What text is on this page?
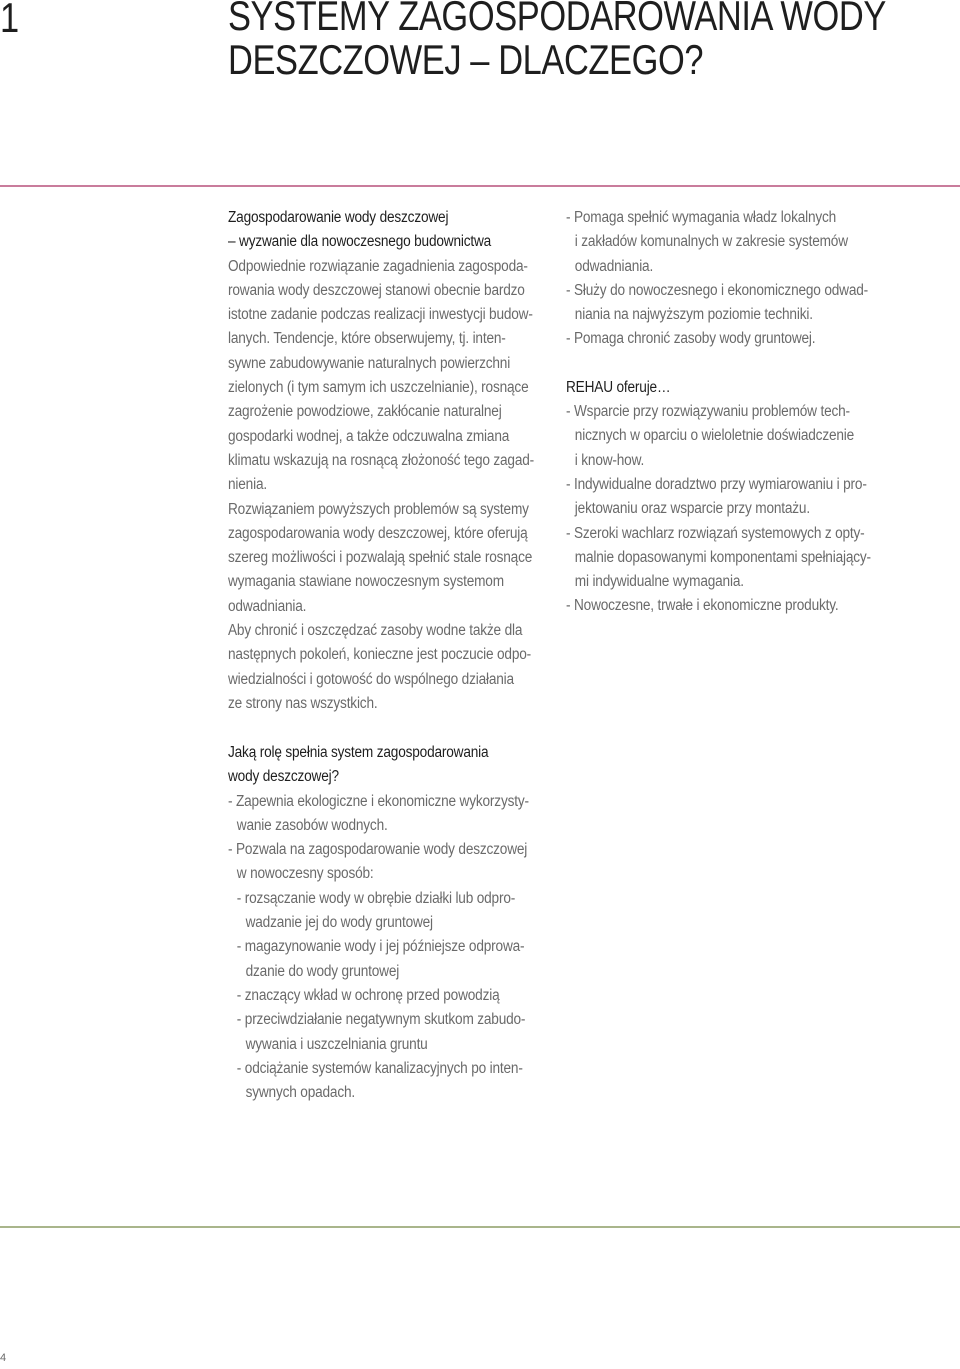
1	SYSTEMY ZAGOSPODAROWANIA WODY
DESZCZOWEJ – DLACZEGO?
Zagospodarowanie wody deszczowej
– wyzwanie dla nowoczesnego budownictwa
Odpowiednie rozwiązanie zagadnienia zagospoda-
rowania wody deszczowej stanowi obecnie bardzo
istotne zadanie podczas realizacji inwestycji budow-
lanych. Tendencje, które obserwujemy, tj. inten-
sywne zabudowywanie naturalnych powierzchni
zielonych (i tym samym ich uszczelnianie), rosnące
zagrożenie powodziowe, zakłócanie naturalnej
gospodarki wodnej, a także odczuwalna zmiana
klimatu wskazują na rosnącą złożoność tego zagad-
nienia.
Rozwiązaniem powyższych problemów są systemy
zagospodarowania wody deszczowej, które oferują
szereg możliwości i pozwalają spełnić stale rosnące
wymagania stawiane nowoczesnym systemom
odwadniania.
Aby chronić i oszczędzać zasoby wodne także dla
następnych pokoleń, konieczne jest poczucie odpo-
wiedzialności i gotowość do wspólnego działania
ze strony nas wszystkich.
- Pomaga spełnić wymagania władz lokalnych
i zakładów komunalnych w zakresie systemów
odwadniania.
- Służy do nowoczesnego i ekonomicznego odwad-
niania na najwyższym poziomie techniki.
- Pomaga chronić zasoby wody gruntowej.
REHAU oferuje…
- Wsparcie przy rozwiązywaniu problemów tech-
nicznych w oparciu o wieloletnie doświadczenie
i know-how.
- Indywidualne doradztwo przy wymiarowaniu i pro-
jektowaniu oraz wsparcie przy montażu.
- Szeroki wachlarz rozwiązań systemowych z opty-
malnie dopasowanymi komponentami spełniający-
mi indywidualne wymagania.
- Nowoczesne, trwałe i ekonomiczne produkty.
Jaką rolę spełnia system zagospodarowania
wody deszczowej?
- Zapewnia ekologiczne i ekonomiczne wykorzysty-
wanie zasobów wodnych.
- Pozwala na zagospodarowanie wody deszczowej
w nowoczesny sposób:
- rozsączanie wody w obrębie działki lub odpro-
wadzanie jej do wody gruntowej
- magazynowanie wody i jej późniejsze odprowa-
dzanie do wody gruntowej
- znaczący wkład w ochronę przed powodzią
- przeciwdziałanie negatywnym skutkom zabudo-
wywania i uszczelniania gruntu
- odciążanie systemów kanalizacyjnych po inten-
sywnych opadach.
4
